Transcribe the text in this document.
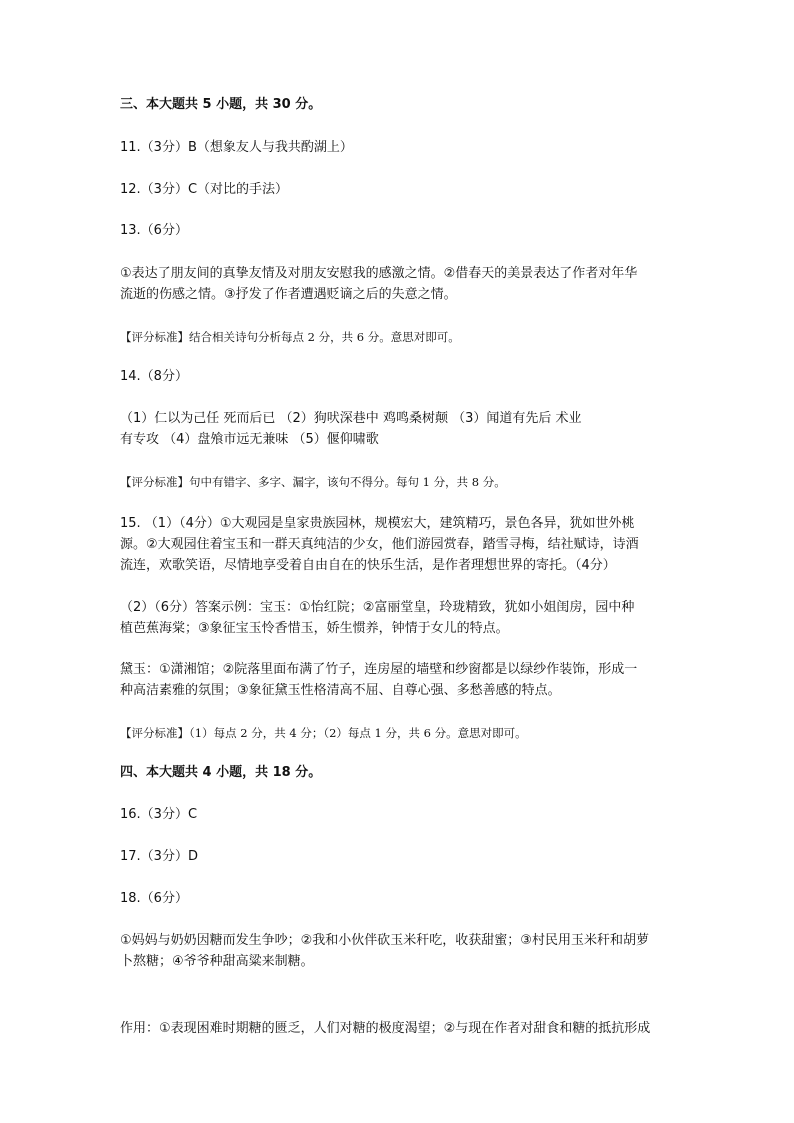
三、本大题共 5 小题，共 30 分。
11.（3分）B（想象友人与我共酌湖上）
12.（3分）C（对比的手法）
13.（6分）
①表达了朋友间的真挚友情及对朋友安慰我的感激之情。②借春天的美景表达了作者对年华
流逝的伤感之情。③抒发了作者遭遇贬谪之后的失意之情。
【评分标准】结合相关诗句分析每点 2 分，共 6 分。意思对即可。
14.（8分）
（1）仁以为己任 死而后已 （2）狗吠深巷中 鸡鸣桑树颠 （3）闻道有先后 术业
有专攻 （4）盘飧市远无兼味 （5）偃仰啸歌
【评分标准】句中有错字、多字、漏字，该句不得分。每句 1 分，共 8 分。
15. （1）（4分）①大观园是皇家贵族园林，规模宏大，建筑精巧，景色各异，犹如世外桃
源。②大观园住着宝玉和一群天真纯洁的少女，他们游园赏春，踏雪寻梅，结社赋诗，诗酒
流连，欢歌笑语，尽情地享受着自由自在的快乐生活，是作者理想世界的寄托。（4分）
（2）（6分）答案示例：宝玉：①怡红院；②富丽堂皇，玲珑精致，犹如小姐闺房，园中种
植芭蕉海棠；③象征宝玉怜香惜玉，娇生惯养，钟情于女儿的特点。
黛玉：①潇湘馆；②院落里面布满了竹子，连房屋的墙壁和纱窗都是以绿纱作装饰，形成一
种高洁素雅的氛围；③象征黛玉性格清高不屈、自尊心强、多愁善感的特点。
【评分标准】（1）每点 2 分，共 4 分；（2）每点 1 分，共 6 分。意思对即可。
四、本大题共 4 小题，共 18 分。
16.（3分）C
17.（3分）D
18.（6分）
①妈妈与奶奶因糖而发生争吵；②我和小伙伴砍玉米秆吃，收获甜蜜；③村民用玉米秆和胡萝
卜熬糖；④爷爷种甜高粱来制糖。
作用：①表现困难时期糖的匮乏，人们对糖的极度渴望；②与现在作者对甜食和糖的抵抗形成
